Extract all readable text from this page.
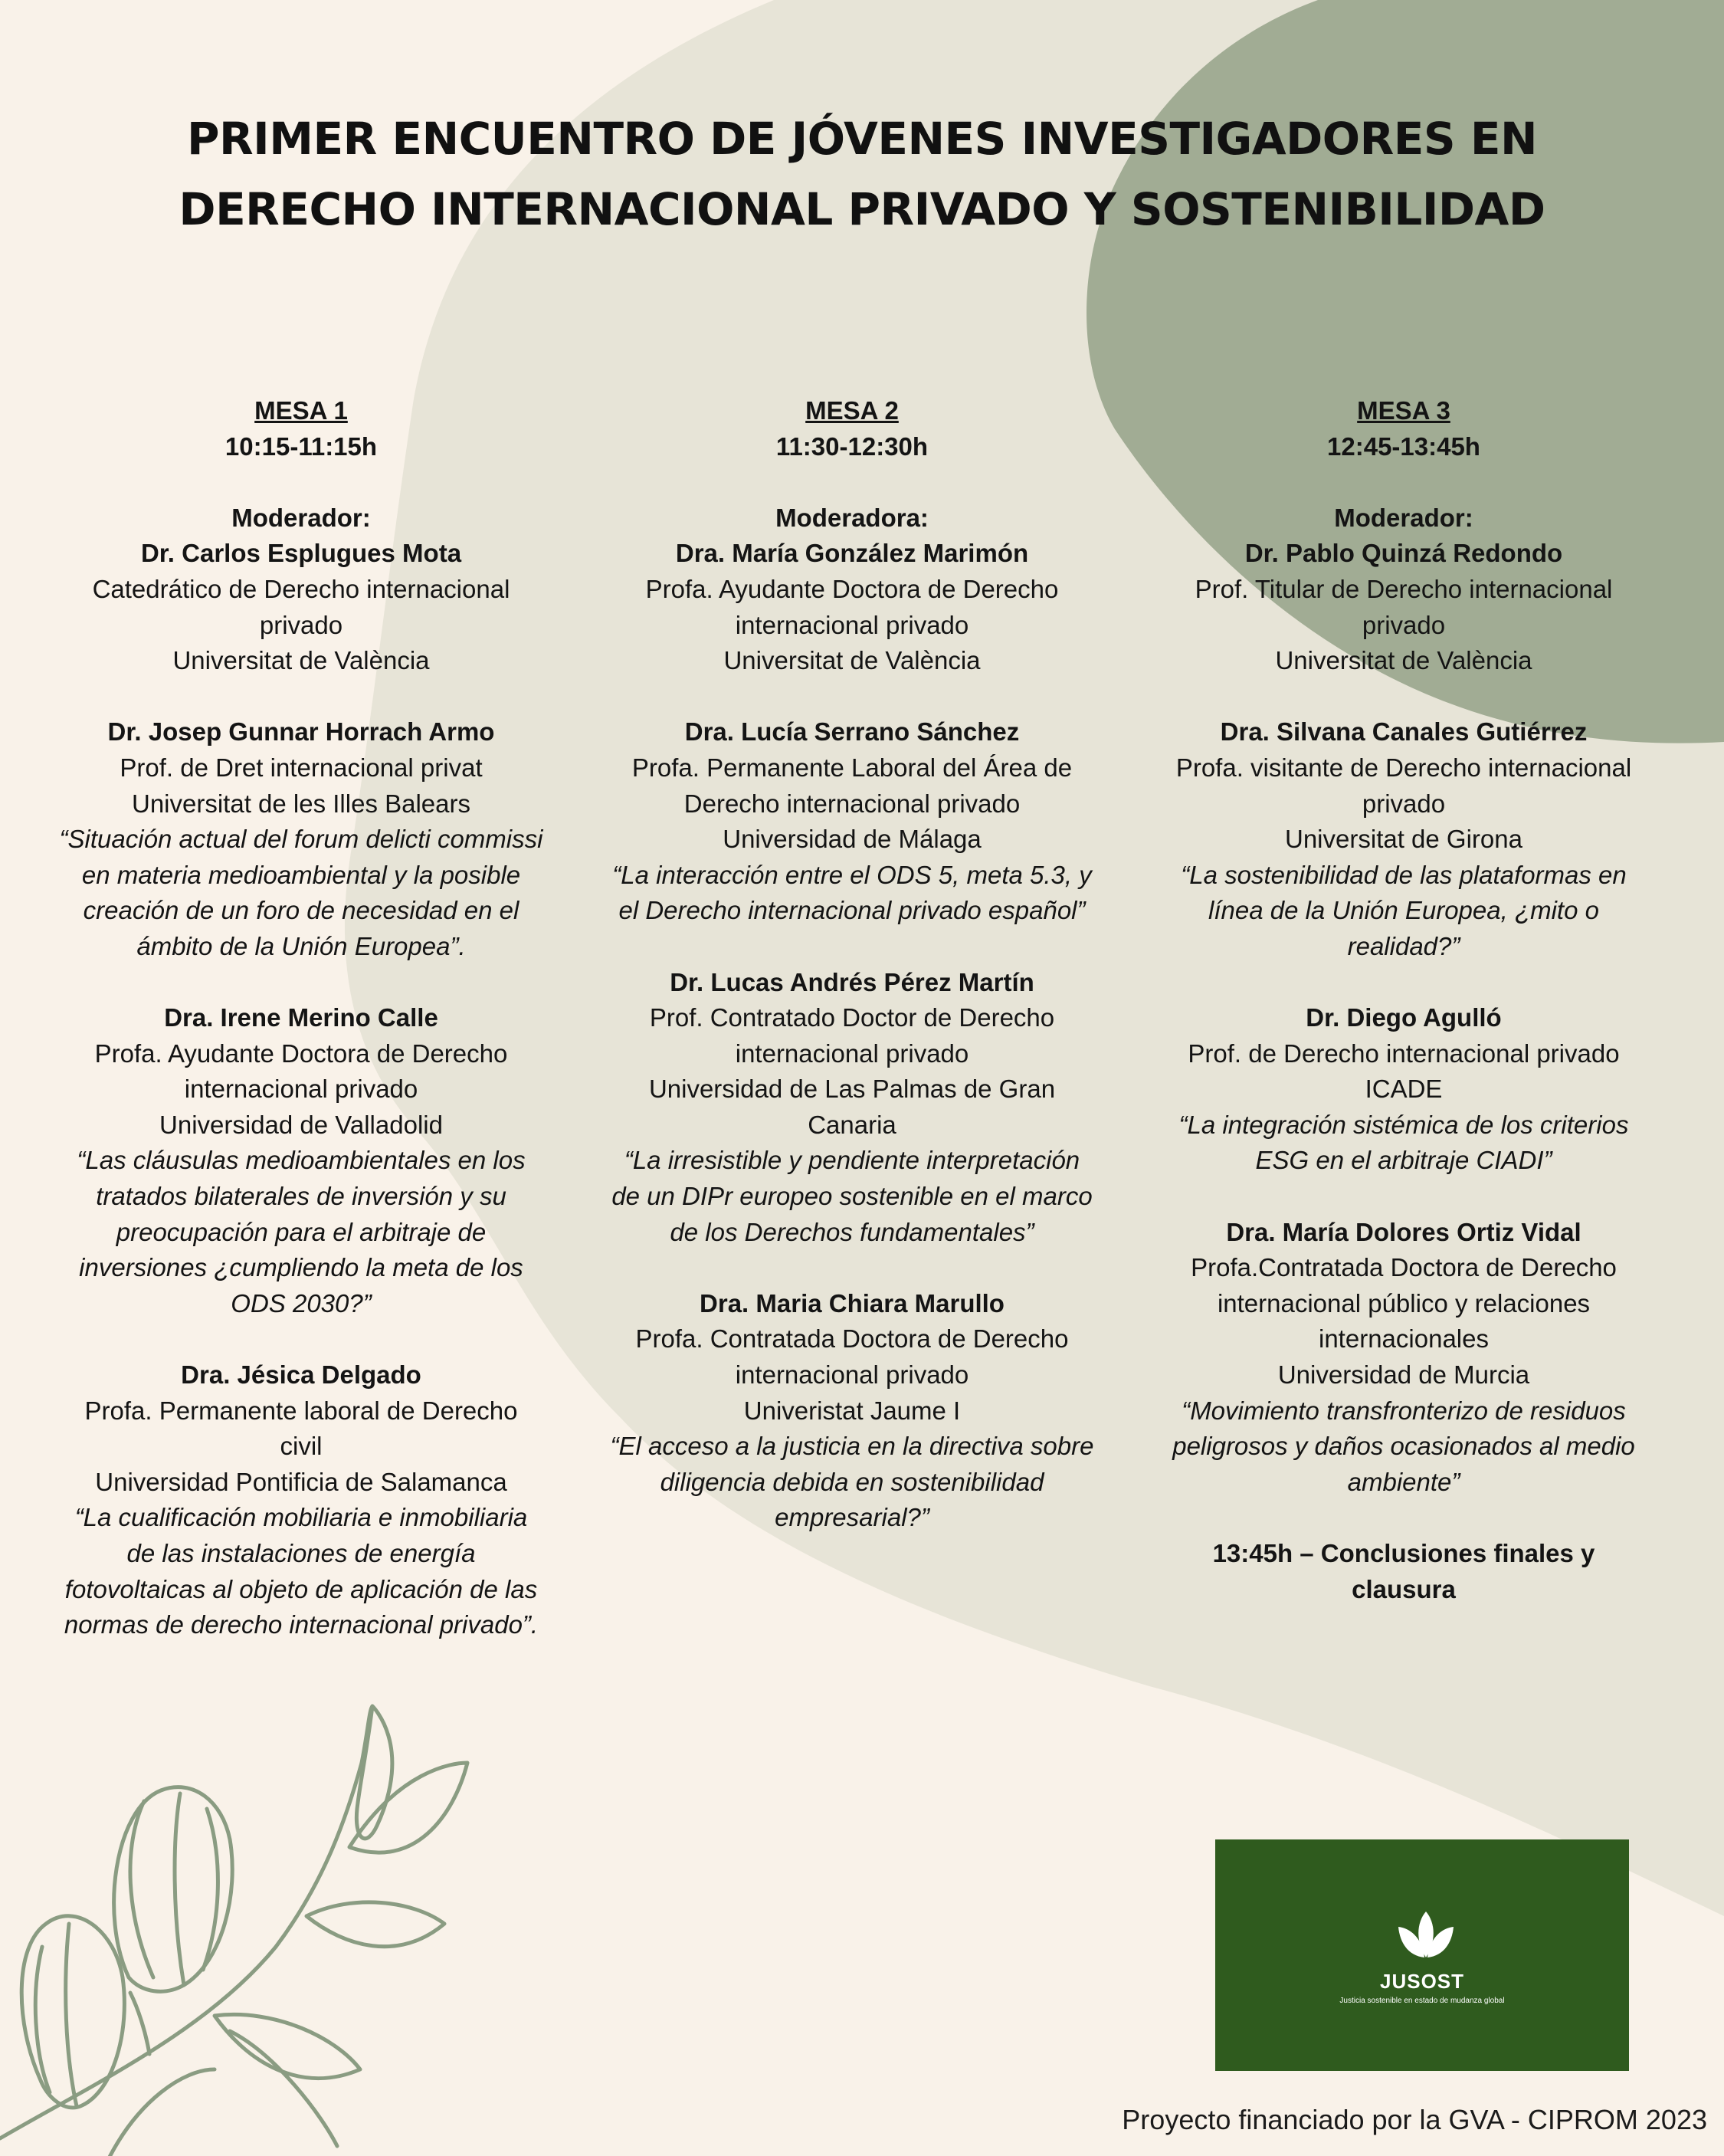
PRIMER ENCUENTRO DE JÓVENES INVESTIGADORES EN
DERECHO INTERNACIONAL PRIVADO Y SOSTENIBILIDAD
MESA 1
10:15-11:15h
Moderador:
Dr. Carlos Esplugues Mota
Catedrático de Derecho internacional
privado
Universitat de València
Dr. Josep Gunnar Horrach Armo
Prof. de Dret internacional privat
Universitat de les Illes Balears
“Situación actual del forum delicti commissi
en materia medioambiental y la posible
creación de un foro de necesidad en el
ámbito de la Unión Europea”.
Dra. Irene Merino Calle
Profa. Ayudante Doctora de Derecho
internacional privado
Universidad de Valladolid
“Las cláusulas medioambientales en los
tratados bilaterales de inversión y su
preocupación para el arbitraje de
inversiones ¿cumpliendo la meta de los
ODS 2030?”
Dra. Jésica Delgado
Profa. Permanente laboral de Derecho
civil
Universidad Pontificia de Salamanca
“La cualificación mobiliaria e inmobiliaria
de las instalaciones de energía
fotovoltaicas al objeto de aplicación de las
normas de derecho internacional privado”.
MESA 2
11:30-12:30h
Moderadora:
Dra. María González Marimón
Profa. Ayudante Doctora de Derecho
internacional privado
Universitat de València
Dra. Lucía Serrano Sánchez
Profa. Permanente Laboral del Área de
Derecho internacional privado
Universidad de Málaga
“La interacción entre el ODS 5, meta 5.3, y
el Derecho internacional privado español”
Dr. Lucas Andrés Pérez Martín
Prof. Contratado Doctor de Derecho
internacional privado
Universidad de Las Palmas de Gran
Canaria
“La irresistible y pendiente interpretación
de un DIPr europeo sostenible en el marco
de los Derechos fundamentales”
Dra. Maria Chiara Marullo
Profa. Contratada Doctora de Derecho
internacional privado
Univeristat Jaume I
“El acceso a la justicia en la directiva sobre
diligencia debida en sostenibilidad
empresarial?”
MESA 3
12:45-13:45h
Moderador:
Dr. Pablo Quinzá Redondo
Prof. Titular de Derecho internacional
privado
Universitat de València
Dra. Silvana Canales Gutiérrez
Profa. visitante de Derecho internacional
privado
Universitat de Girona
“La sostenibilidad de las plataformas en
línea de la Unión Europea, ¿mito o
realidad?”
Dr. Diego Agulló
Prof. de Derecho internacional privado
ICADE
“La integración sistémica de los criterios
ESG en el arbitraje CIADI”
Dra. María Dolores Ortiz Vidal
Profa.Contratada Doctora de Derecho
internacional público y relaciones
internacionales
Universidad de Murcia
“Movimiento transfronterizo de residuos
peligrosos y daños ocasionados al medio
ambiente”
13:45h – Conclusiones finales y clausura
JUSOST
Justicia sostenible en estado de mudanza global
Proyecto financiado por la GVA - CIPROM 2023
